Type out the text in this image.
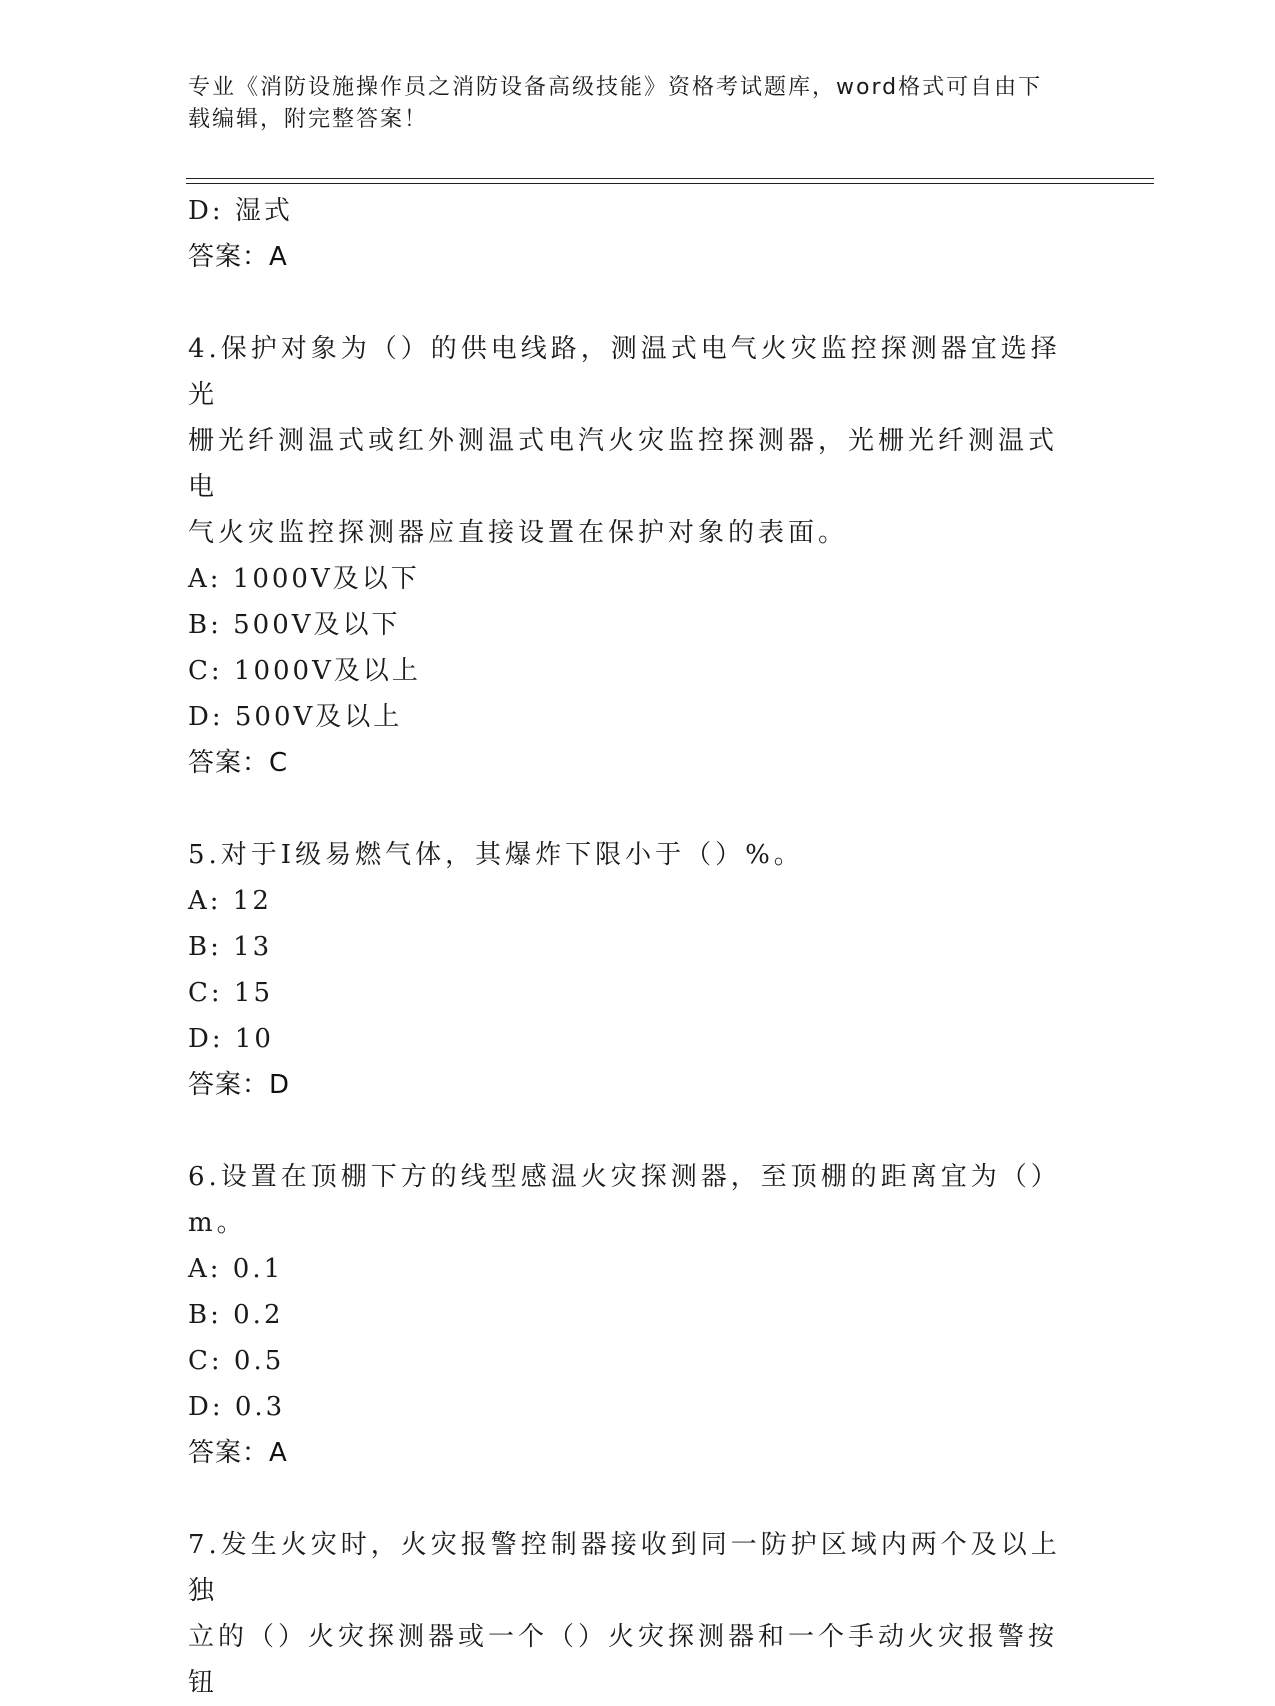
专业《消防设施操作员之消防设备高级技能》资格考试题库，word格式可自由下
载编辑，附完整答案！
D: 湿式
答案：A
4.保护对象为（）的供电线路，测温式电气火灾监控探测器宜选择光
栅光纤测温式或红外测温式电汽火灾监控探测器，光栅光纤测温式电
气火灾监控探测器应直接设置在保护对象的表面。
A: 1000V及以下
B: 500V及以下
C: 1000V及以上
D: 500V及以上
答案：C
5.对于Ⅰ级易燃气体，其爆炸下限小于（）%。
A: 12
B: 13
C: 15
D: 10
答案：D
6.设置在顶棚下方的线型感温火灾探测器，至顶棚的距离宜为（）m。
A: 0.1
B: 0.2
C: 0.5
D: 0.3
答案：A
7.发生火灾时，火灾报警控制器接收到同一防护区域内两个及以上独
立的（）火灾探测器或一个（）火灾探测器和一个手动火灾报警按钮
